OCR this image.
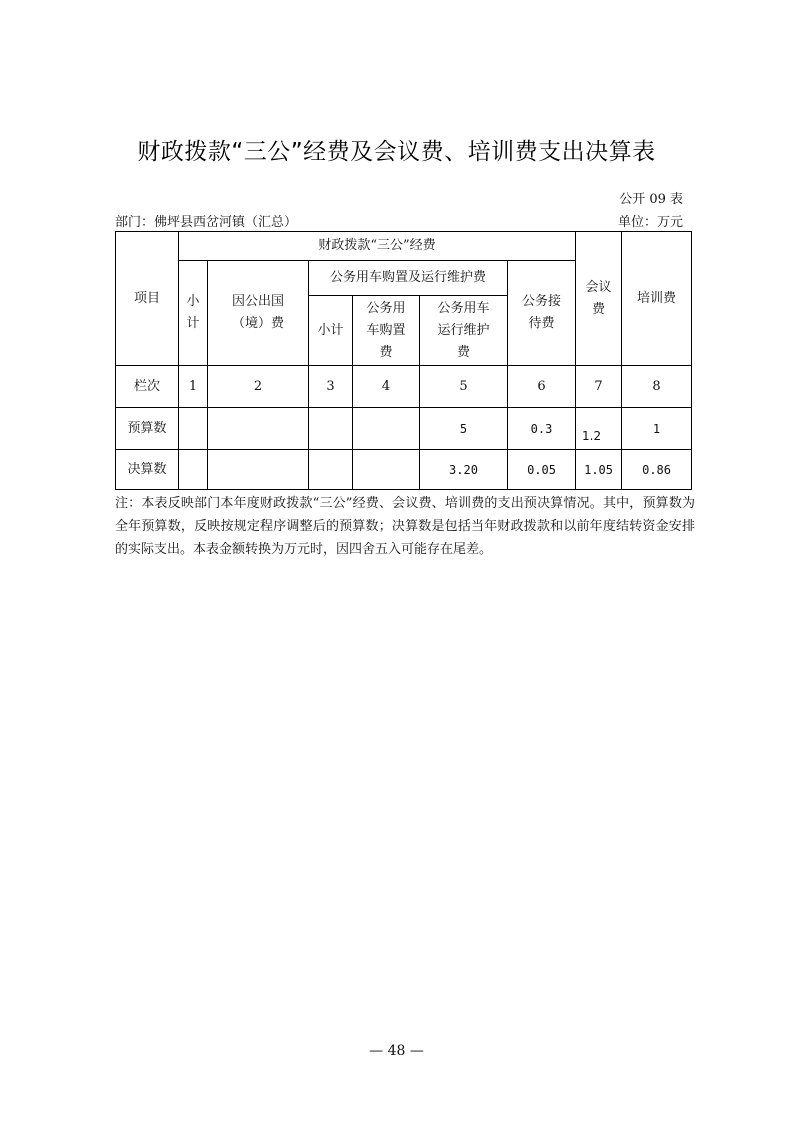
财政拨款“三公”经费及会议费、培训费支出决算表
公开 09 表
部门：佛坪县西岔河镇（汇总）	单位：万元
项目	财政拨款“三公”经费						会议费	培训费

	小计	因公出国（境）费	公务用车购置及运行维护费			公务接待费		

			小计	公务用车购置费	公务用车运行维护费			

栏次	1	2	3	4	5	6	7	8
预算数					5	0.3	1.2	1
决算数					3.20	0.05	1.05	0.86
注：本表反映部门本年度财政拨款“三公”经费、会议费、培训费的支出预决算情况。其中，预算数为全年预算数，反映按规定程序调整后的预算数；决算数是包括当年财政拨款和以前年度结转资金安排的实际支出。本表金额转换为万元时，因四舍五入可能存在尾差。
— 48 —
